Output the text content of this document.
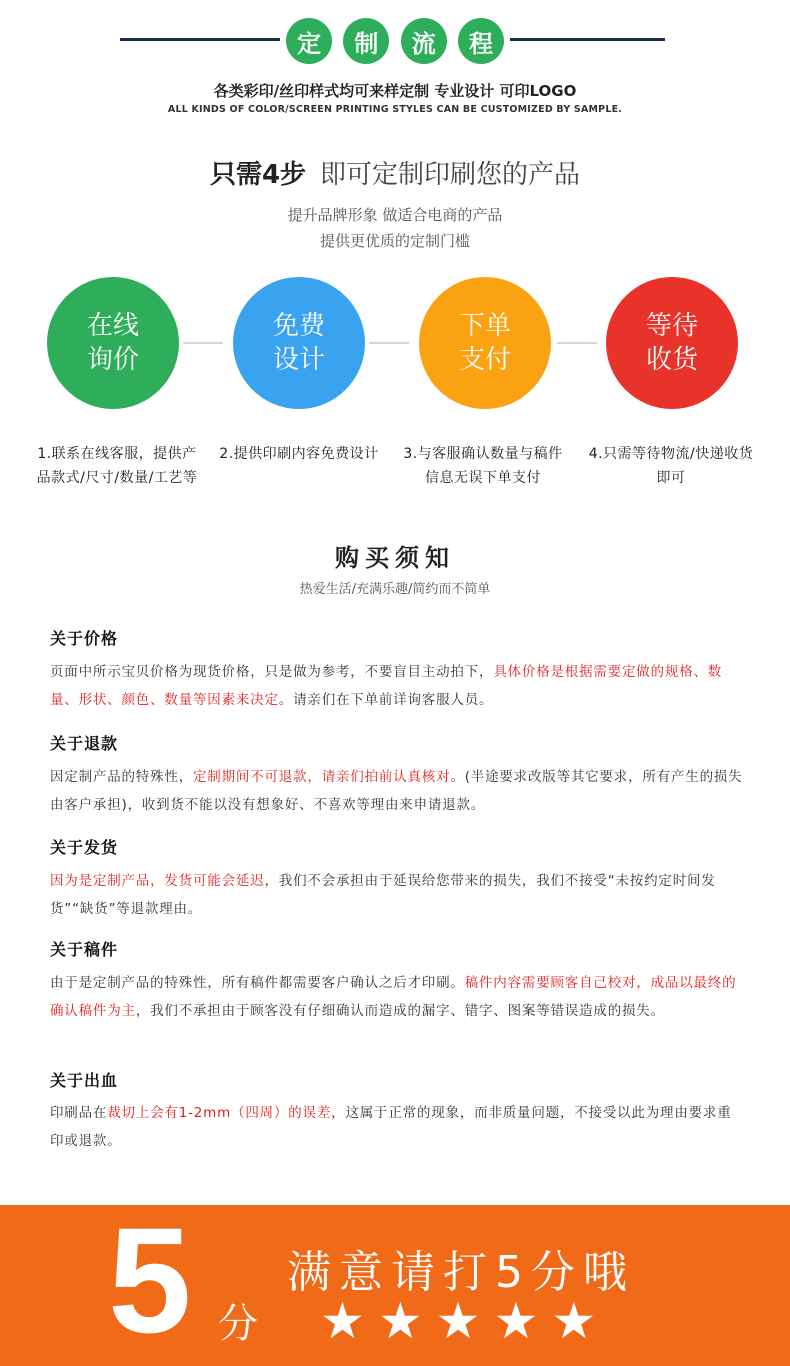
定	制	流	程
各类彩印/丝印样式均可来样定制 专业设计 可印LOGO
ALL KINDS OF COLOR/SCREEN PRINTING STYLES CAN BE CUSTOMIZED BY SAMPLE.
只需4步 即可定制印刷您的产品
提升品牌形象 做适合电商的产品
提供更优质的定制门槛
在线
询价
免费
设计
下单
支付
等待
收货
1.联系在线客服，提供产品款式/尺寸/数量/工艺等
2.提供印刷内容免费设计	3.与客服确认数量与稿件信息无误下单支付
4.只需等待物流/快递收货即可
购买须知
热爱生活/充满乐趣/简约而不简单
关于价格
页面中所示宝贝价格为现货价格，只是做为参考，不要盲目主动拍下，具体价格是根据需要定做的规格、数量、形状、颜色、数量等因素来决定。请亲们在下单前详询客服人员。
关于退款
因定制产品的特殊性，定制期间不可退款，请亲们拍前认真核对。(半途要求改版等其它要求，所有产生的损失由客户承担)，收到货不能以没有想象好、不喜欢等理由来申请退款。
关于发货
因为是定制产品，发货可能会延迟，我们不会承担由于延误给您带来的损失，我们不接受“未按约定时间发货”“缺货”等退款理由。
关于稿件
由于是定制产品的特殊性，所有稿件都需要客户确认之后才印刷。稿件内容需要顾客自己校对，成品以最终的确认稿件为主，我们不承担由于顾客没有仔细确认而造成的漏字、错字、图案等错误造成的损失。
关于出血
印刷品在裁切上会有1-2mm（四周）的误差，这属于正常的现象，而非质量问题，不接受以此为理由要求重印或退款。
5 分
满意请打5分哦
★ ★ ★ ★ ★
